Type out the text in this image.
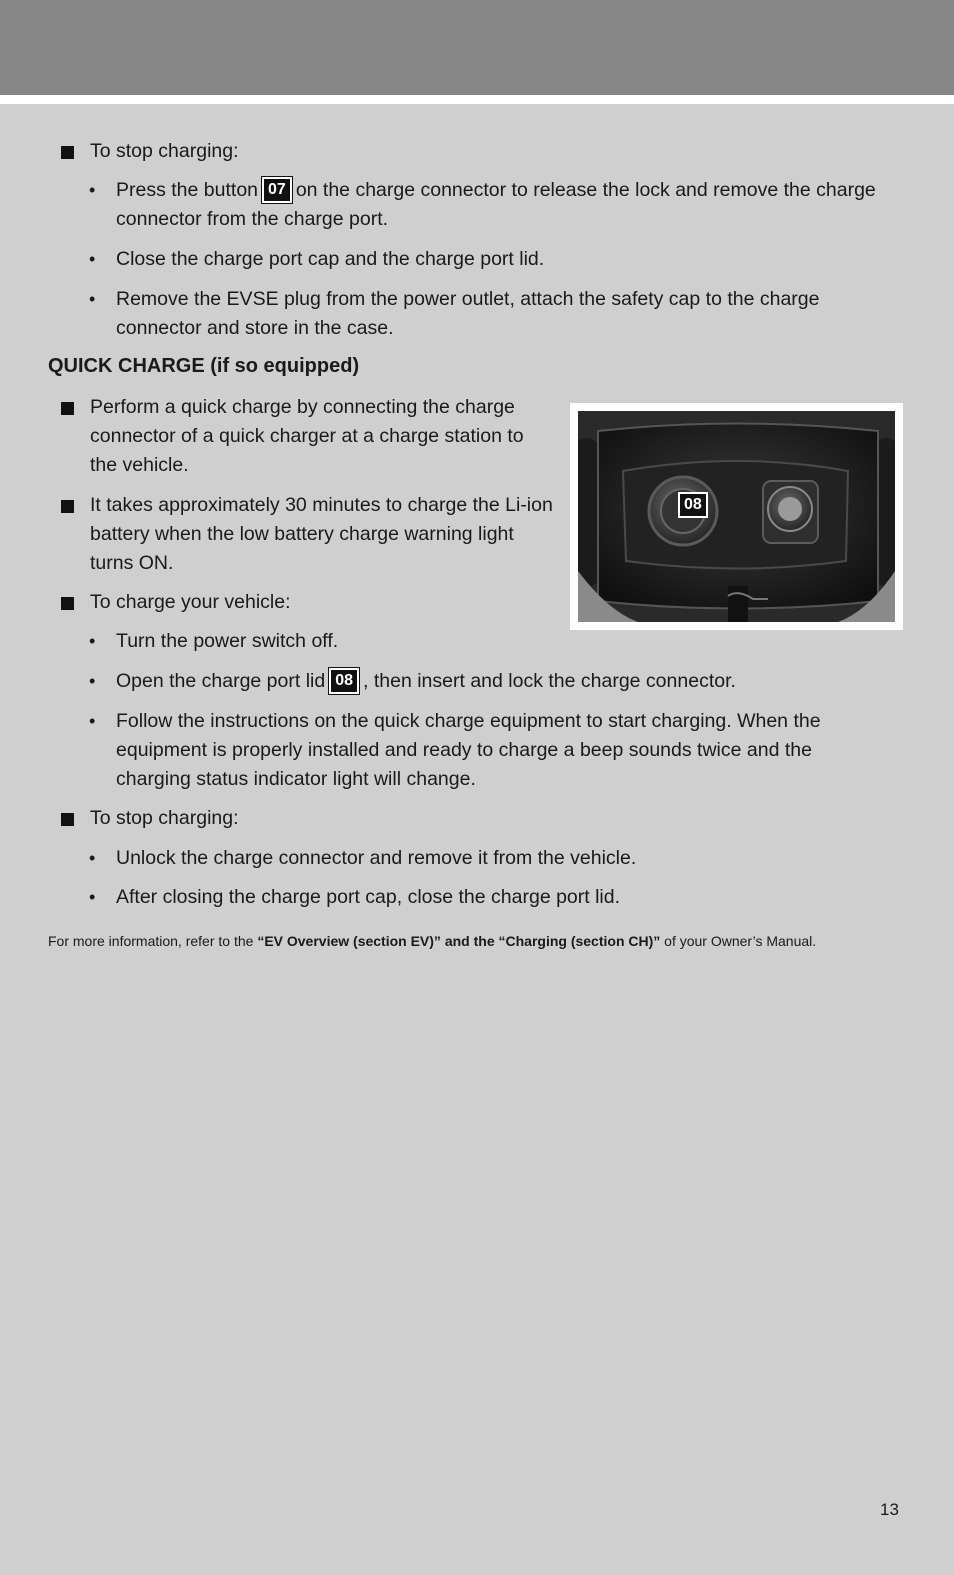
To stop charging:
• Press the button 07 on the charge connector to release the lock and remove the charge
connector from the charge port.
• Close the charge port cap and the charge port lid.
• Remove the EVSE plug from the power outlet, attach the safety cap to the charge
connector and store in the case.
QUICK CHARGE (if so equipped)
Perform a quick charge by connecting the charge
connector of a quick charger at a charge station to
the vehicle.
It takes approximately 30 minutes to charge the Li-ion
battery when the low battery charge warning light
turns ON.
To charge your vehicle:
• Turn the power switch off.
• Open the charge port lid 08 , then insert and lock the charge connector.
• Follow the instructions on the quick charge equipment to start charging. When the
equipment is properly installed and ready to charge a beep sounds twice and the
charging status indicator light will change.
To stop charging:
• Unlock the charge connector and remove it from the vehicle.
• After closing the charge port cap, close the charge port lid.
For more information, refer to the “EV Overview (section EV)” and the “Charging (section CH)” of your Owner’s Manual.
08
13
